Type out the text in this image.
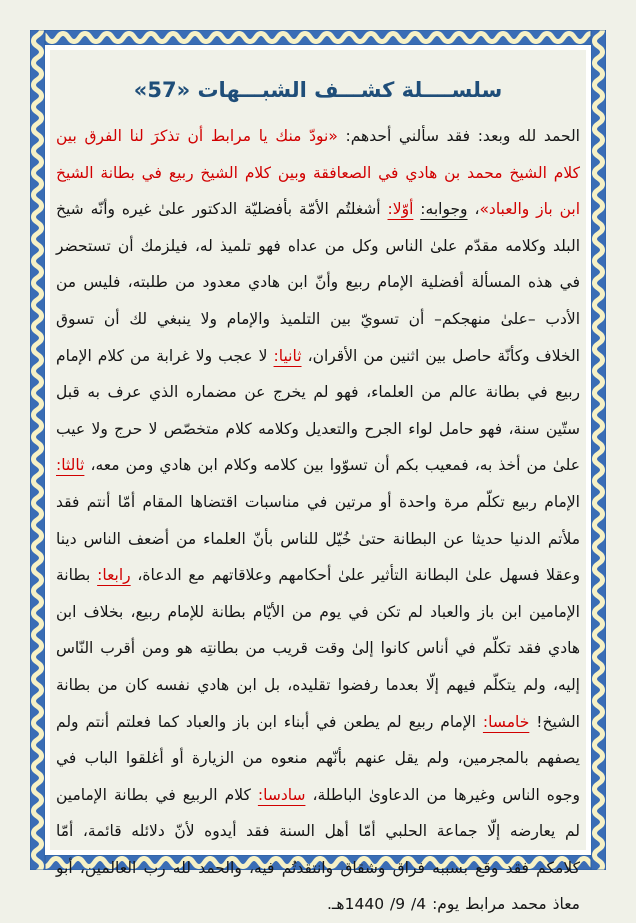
سلســــلة كشـــف الشبـــهات «57»

الحمد لله وبعد: فقد سألني أحدهم: «نودّ منك يا مرابط أن تذكرَ لنا الفرق بين كلام الشيخ محمد بن هادي في الصعافقة وبين كلام الشيخ ربيع في بطانة الشيخ ابن باز والعباد»، وجوابه: أوّلا: أشغلتُم الأمّة بأفضليّة الدكتور علىٰ غيره وأنّه شيخ البلد وكلامه مقدّم علىٰ الناس وكل من عداه فهو تلميذ له، فيلزمك أن تستحضر في هذه المسألة أفضلية الإمام ربيع وأنّ ابن هادي معدود من طلبته، فليس من الأدب –علىٰ منهجكم– أن تسويّ بين التلميذ والإمام ولا ينبغي لك أن تسوق الخلاف وكأنّة حاصل بين اثنين من الأقران، ثانيا: لا عجب ولا غرابة من كلام الإمام ربيع في بطانة عالم من العلماء، فهو لم يخرج عن مضماره الذي عرف به قبل ستّين سنة، فهو حامل لواء الجرح والتعديل وكلامه كلام متخصّص لا حرج ولا عيب علىٰ من أخذ به، فمعيب بكم أن تسوّوا بين كلامه وكلام ابن هادي ومن معه، ثالثا: الإمام ربيع تكلّم مرة واحدة أو مرتين في مناسبات اقتضاها المقام أمّا أنتم فقد ملأتم الدنيا حديثا عن البطانة حتىٰ خُيّل للناس بأنّ العلماء من أضعف الناس دينا وعقلا فسهل علىٰ البطانة التأثير علىٰ أحكامهم وعلاقاتهم مع الدعاة، رابعا: بطانة الإمامين ابن باز والعباد لم تكن في يوم من الأيّام بطانة للإمام ربيع، بخلاف ابن هادي فقد تكلّم في أناس كانوا إلىٰ وقت قريب من بطانتِه هو ومن أقرب النّاس إليه، ولم يتكلّم فيهم إلّا بعدما رفضوا تقليده، بل ابن هادي نفسه كان من بطانة الشيخ! خامسا: الإمام ربيع لم يطعن في أبناء ابن باز والعباد كما فعلتم أنتم ولم يصفهم بالمجرمين، ولم يقل عنهم بأنّهم منعوه من الزيارة أو أغلقوا الباب في وجوه الناس وغيرها من الدعاوىٰ الباطلة، سادسا: كلام الربيع في بطانة الإمامين لم يعارضه إلّا جماعة الحلبي أمّا أهل السنة فقد أيدوه لأنّ دلائله قائمة، أمّا كلامكم فقد وقع بسببه فراق وشقاق وانتقدتُم فيه، والحمد لله رب العالمين، أبو معاذ محمد مرابط يوم: 4/ 9/ 1440هـ.
